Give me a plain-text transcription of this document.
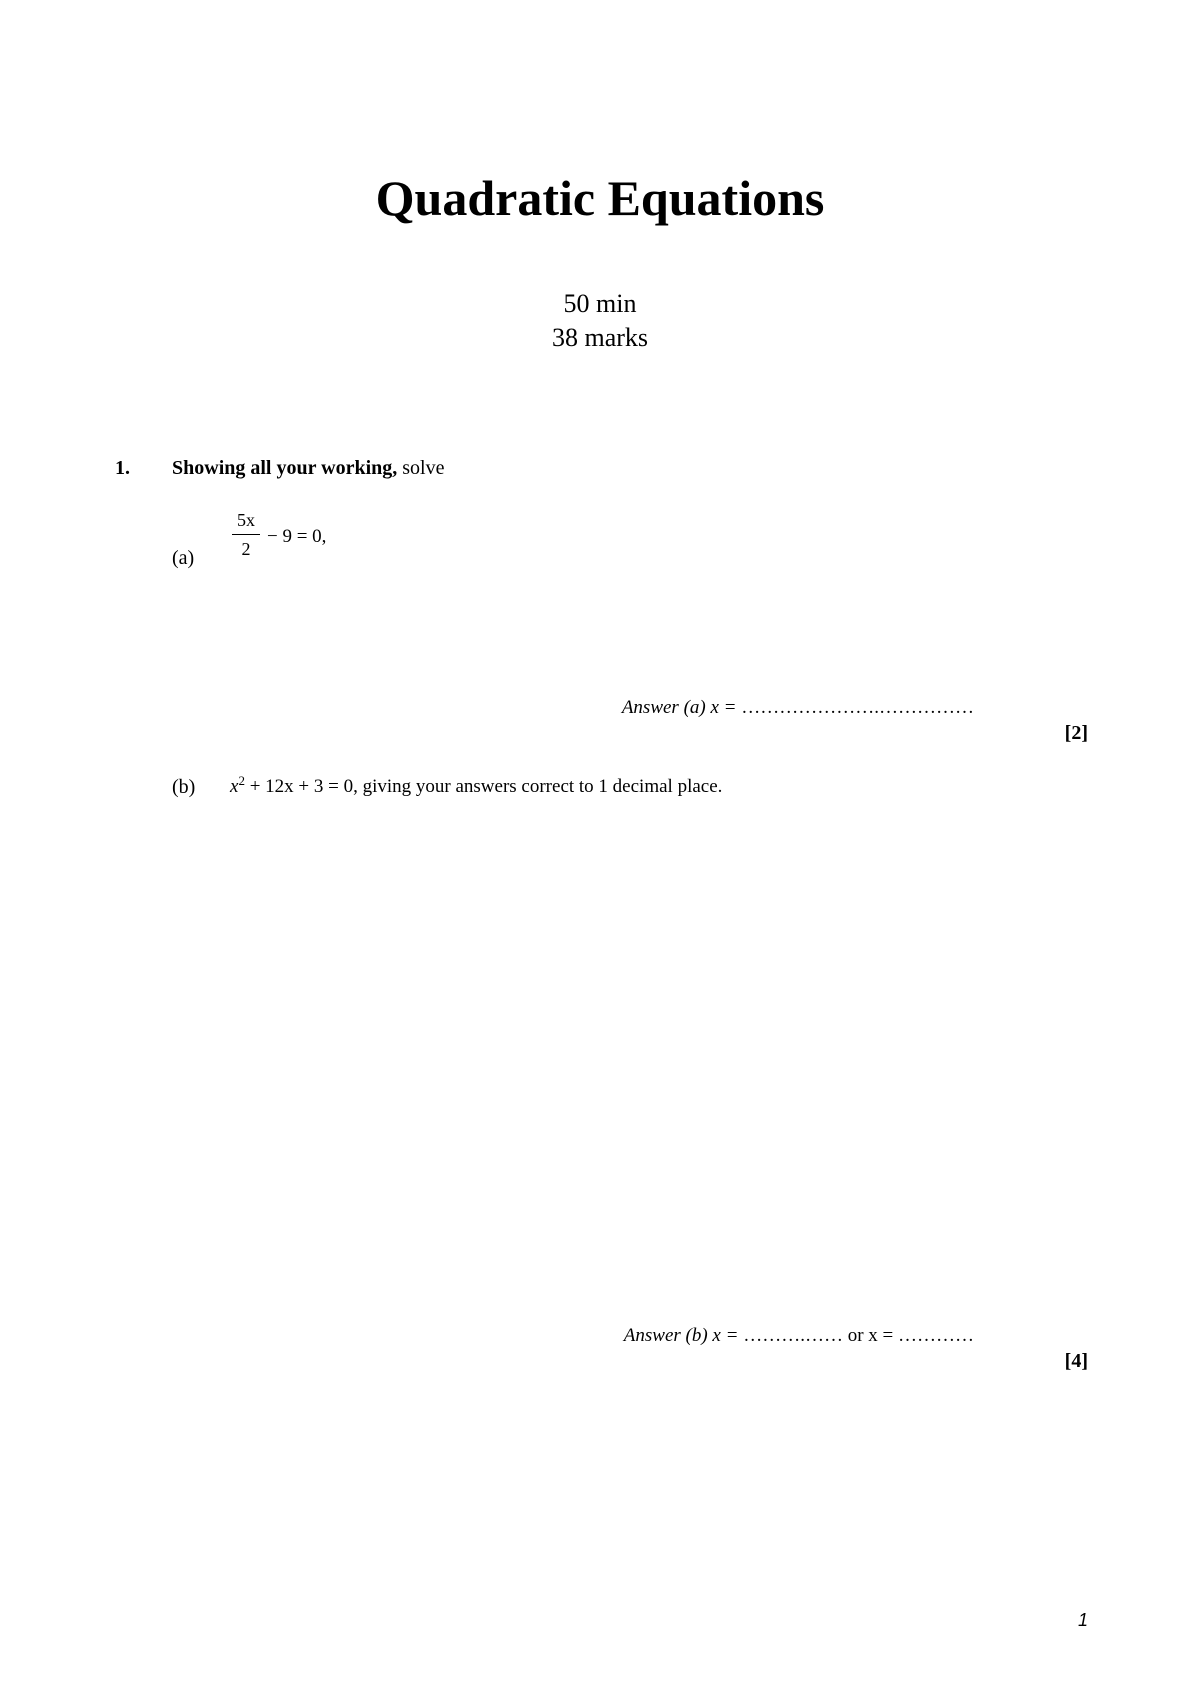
Quadratic Equations
50 min
38 marks
1. Showing all your working, solve
(a)
5x
2
− 9 = 0,
Answer (a) x = ………………….……………
[2]
(b) $x^2 + 12x + 3 = 0$, giving your answers correct to 1 decimal place.
Answer (b) x = ……….…… or x = …………
[4]
1
